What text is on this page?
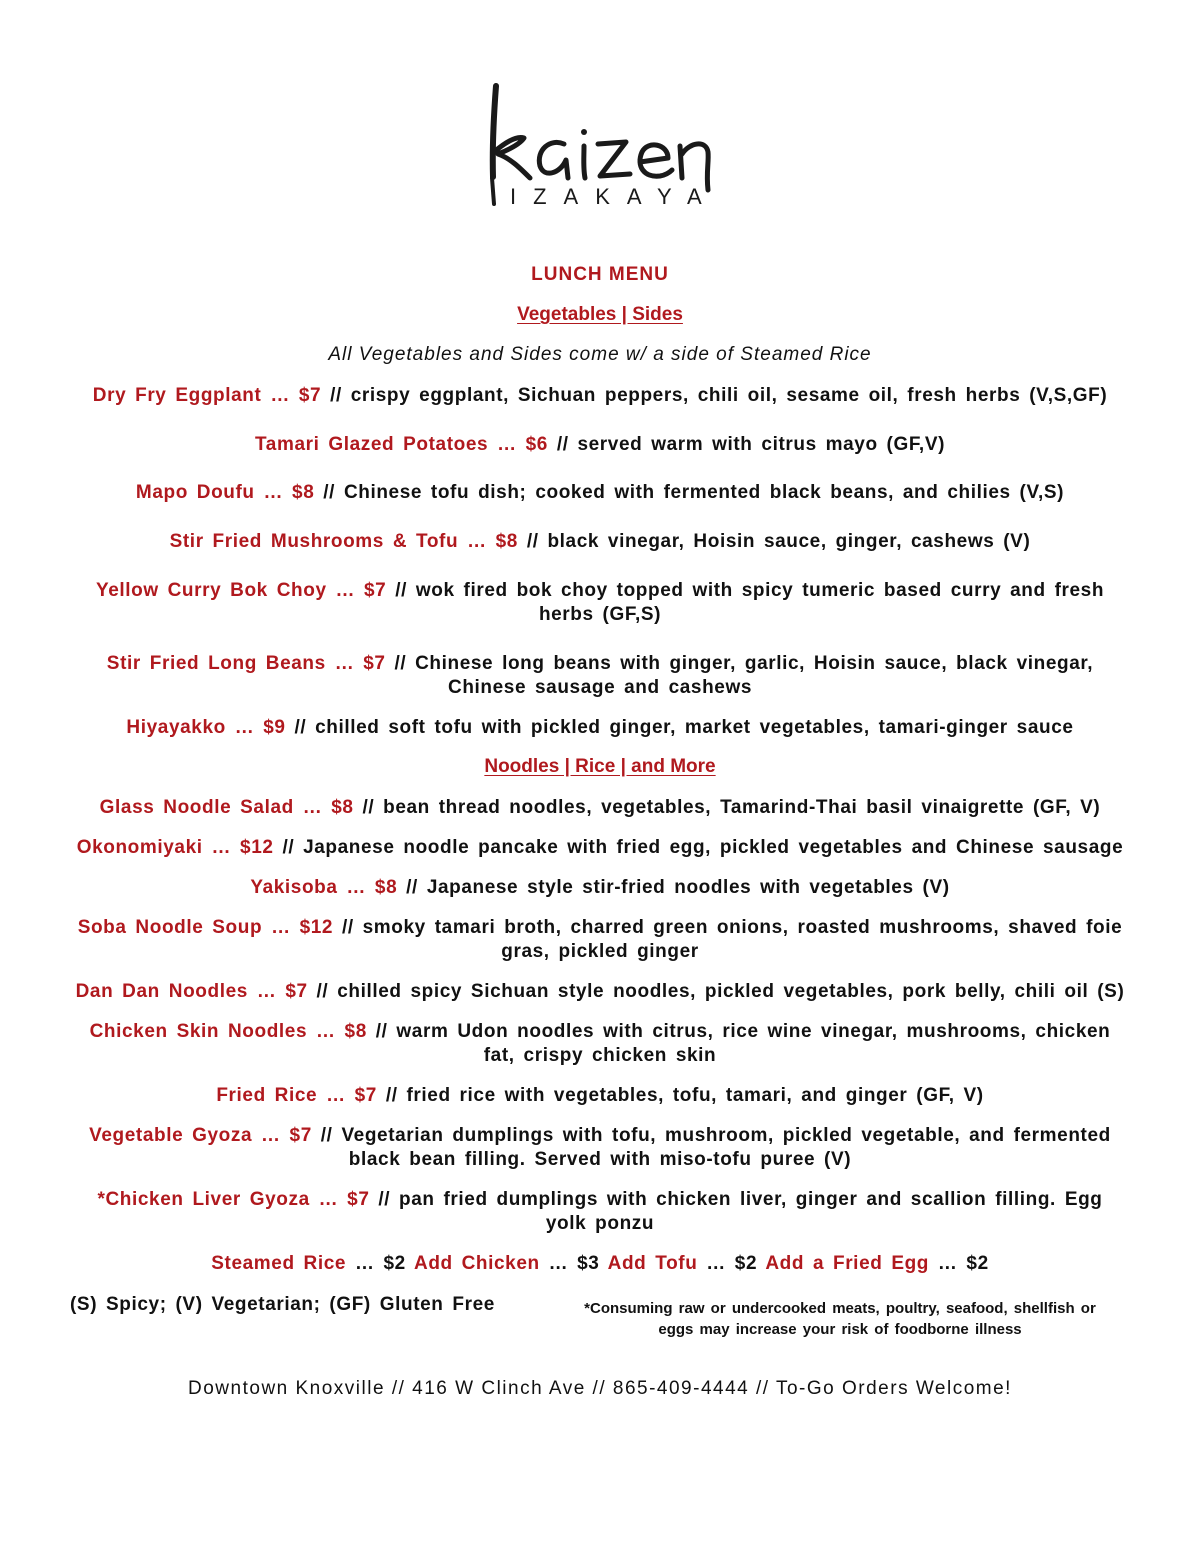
IZAKAYA
LUNCH MENU
Vegetables | Sides
All Vegetables and Sides come w/ a side of Steamed Rice
Dry Fry Eggplant … $7 // crispy eggplant, Sichuan peppers, chili oil, sesame oil, fresh herbs (V,S,GF)
Tamari Glazed Potatoes … $6 // served warm with citrus mayo (GF,V)
Mapo Doufu … $8 // Chinese tofu dish; cooked with fermented black beans, and chilies (V,S)
Stir Fried Mushrooms & Tofu … $8 // black vinegar, Hoisin sauce, ginger, cashews (V)
Yellow Curry Bok Choy … $7 // wok fired bok choy topped with spicy tumeric based curry and fresh herbs (GF,S)
Stir Fried Long Beans … $7 // Chinese long beans with ginger, garlic, Hoisin sauce, black vinegar, Chinese sausage and cashews
Hiyayakko … $9 // chilled soft tofu with pickled ginger, market vegetables, tamari-ginger sauce
Noodles | Rice | and More
Glass Noodle Salad … $8 // bean thread noodles, vegetables, Tamarind-Thai basil vinaigrette (GF, V)
Okonomiyaki … $12 // Japanese noodle pancake with fried egg, pickled vegetables and Chinese sausage
Yakisoba … $8 // Japanese style stir-fried noodles with vegetables (V)
Soba Noodle Soup … $12 // smoky tamari broth, charred green onions, roasted mushrooms, shaved foie gras, pickled ginger
Dan Dan Noodles … $7 // chilled spicy Sichuan style noodles, pickled vegetables, pork belly, chili oil (S)
Chicken Skin Noodles … $8 // warm Udon noodles with citrus, rice wine vinegar, mushrooms, chicken fat, crispy chicken skin
Fried Rice … $7 // fried rice with vegetables, tofu, tamari, and ginger (GF, V)
Vegetable Gyoza … $7 // Vegetarian dumplings with tofu, mushroom, pickled vegetable, and fermented black bean filling. Served with miso-tofu puree (V)
*Chicken Liver Gyoza … $7 // pan fried dumplings with chicken liver, ginger and scallion filling. Egg yolk ponzu
Steamed Rice … $2 Add Chicken … $3 Add Tofu … $2 Add a Fried Egg … $2
(S) Spicy; (V) Vegetarian; (GF) Gluten Free	*Consuming raw or undercooked meats, poultry, seafood, shellfish or eggs may increase your risk of foodborne illness
Downtown Knoxville // 416 W Clinch Ave // 865-409-4444 // To-Go Orders Welcome!
